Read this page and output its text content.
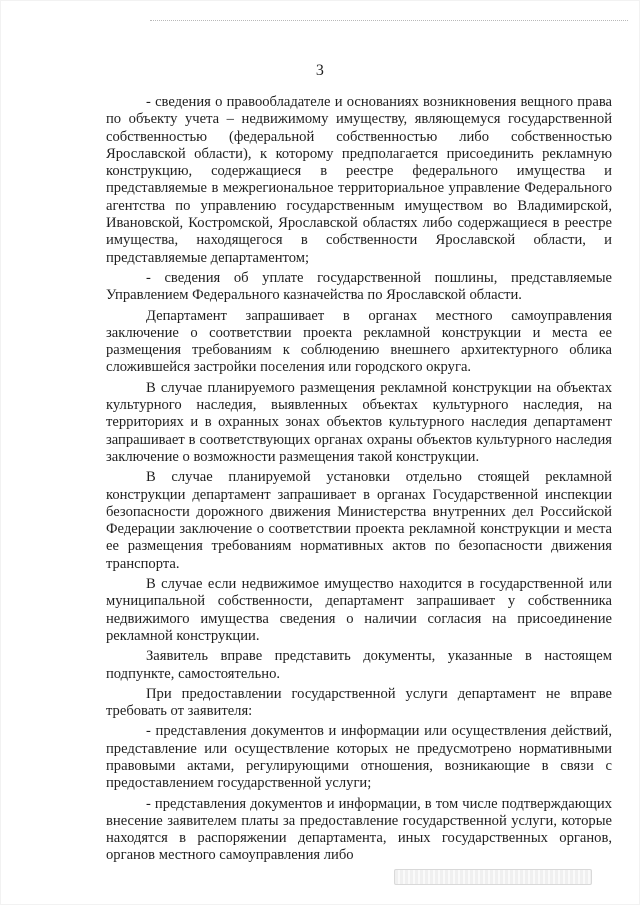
3

- сведения о правообладателе и основаниях возникновения вещного права по объекту учета – недвижимому имуществу, являющемуся государственной собственностью (федеральной собственностью либо собственностью Ярославской области), к которому предполагается присоединить рекламную конструкцию, содержащиеся в реестре федерального имущества и представляемые в межрегиональное территориальное управление Федерального агентства по управлению государственным имуществом во Владимирской, Ивановской, Костромской, Ярославской областях либо содержащиеся в реестре имущества, находящегося в собственности Ярославской области, и представляемые департаментом;

- сведения об уплате государственной пошлины, представляемые Управлением Федерального казначейства по Ярославской области.

Департамент запрашивает в органах местного самоуправления заключение о соответствии проекта рекламной конструкции и места ее размещения требованиям к соблюдению внешнего архитектурного облика сложившейся застройки поселения или городского округа.

В случае планируемого размещения рекламной конструкции на объектах культурного наследия, выявленных объектах культурного наследия, на территориях и в охранных зонах объектов культурного наследия департамент запрашивает в соответствующих органах охраны объектов культурного наследия заключение о возможности размещения такой конструкции.

В случае планируемой установки отдельно стоящей рекламной конструкции департамент запрашивает в органах Государственной инспекции безопасности дорожного движения Министерства внутренних дел Российской Федерации заключение о соответствии проекта рекламной конструкции и места ее размещения требованиям нормативных актов по безопасности движения транспорта.

В случае если недвижимое имущество находится в государственной или муниципальной собственности, департамент запрашивает у собственника недвижимого имущества сведения о наличии согласия на присоединение рекламной конструкции.

Заявитель вправе представить документы, указанные в настоящем подпункте, самостоятельно.

При предоставлении государственной услуги департамент не вправе требовать от заявителя:

- представления документов и информации или осуществления действий, представление или осуществление которых не предусмотрено нормативными правовыми актами, регулирующими отношения, возникающие в связи с предоставлением государственной услуги;

- представления документов и информации, в том числе подтверждающих внесение заявителем платы за предоставление государственной услуги, которые находятся в распоряжении департамента, иных государственных органов, органов местного самоуправления либо
